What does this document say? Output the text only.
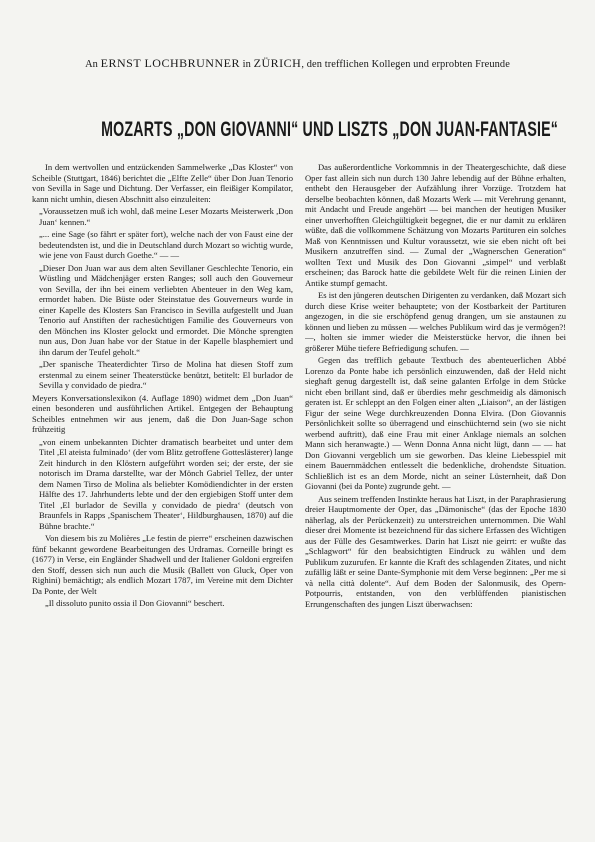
An ERNST LOCHBRUNNER in ZÜRICH, den trefflichen Kollegen und erprobten Freunde
MOZARTS „DON GIOVANNI“ UND LISZTS „DON JUAN-FANTASIE“

In dem wertvollen und entzückenden Sammelwerke „Das Kloster“ von Scheible (Stuttgart, 1846) berichtet die „Elfte Zelle“ über Don Juan Tenorio von Sevilla in Sage und Dichtung. Der Verfasser, ein fleißiger Kompilator, kann nicht umhin, diesen Abschnitt also einzuleiten:

„Voraussetzen muß ich wohl, daß meine Leser Mozarts Meisterwerk ,Don Juan‘ kennen.“

„... eine Sage (so fährt er später fort), welche nach der von Faust eine der bedeutendsten ist, und die in Deutschland durch Mozart so wichtig wurde, wie jene von Faust durch Goethe.“ — —

„Dieser Don Juan war aus dem alten Sevillaner Geschlechte Tenorio, ein Wüstling und Mädchenjäger ersten Ranges; soll auch den Gouverneur von Sevilla, der ihn bei einem verliebten Abenteuer in den Weg kam, ermordet haben. Die Büste oder Steinstatue des Gouverneurs wurde in einer Kapelle des Klosters San Francisco in Sevilla aufgestellt und Juan Tenorio auf Anstiften der rachesüchtigen Familie des Gouverneurs von den Mönchen ins Kloster gelockt und ermordet. Die Mönche sprengten nun aus, Don Juan habe vor der Statue in der Kapelle blasphemiert und ihn darum der Teufel geholt.“

„Der spanische Theaterdichter Tirso de Molina hat diesen Stoff zum erstenmal zu einem seiner Theaterstücke benützt, betitelt: El burlador de Sevilla y convidado de piedra.“

Meyers Konversationslexikon (4. Auflage 1890) widmet dem „Don Juan“ einen besonderen und ausführlichen Artikel. Entgegen der Behauptung Scheibles entnehmen wir aus jenem, daß die Don Juan-Sage schon frühzeitig

„von einem unbekannten Dichter dramatisch bearbeitet und unter dem Titel ,El ateista fulminado‘ (der vom Blitz getroffene Gotteslästerer) lange Zeit hindurch in den Klöstern aufgeführt worden sei; der erste, der sie notorisch im Drama darstellte, war der Mönch Gabriel Tellez, der unter dem Namen Tirso de Molina als beliebter Komödiendichter in der ersten Hälfte des 17. Jahrhunderts lebte und der den ergiebigen Stoff unter dem Titel ,El burlador de Sevilla y convidado de piedra‘ (deutsch von Braunfels in Rapps ,Spanischem Theater‘, Hildburghausen, 1870) auf die Bühne brachte.“

Von diesem bis zu Molières „Le festin de pierre“ erscheinen dazwischen fünf bekannt gewordene Bearbeitungen des Urdramas. Corneille bringt es (1677) in Verse, ein Engländer Shadwell und der Italiener Goldoni ergreifen den Stoff, dessen sich nun auch die Musik (Ballett von Gluck, Oper von Righini) bemächtigt; als endlich Mozart 1787, im Vereine mit dem Dichter Da Ponte, der Welt

„Il dissoluto punito ossia il Don Giovanni“ beschert.

Das außerordentliche Vorkommnis in der Theatergeschichte, daß diese Oper fast allein sich nun durch 130 Jahre lebendig auf der Bühne erhalten, enthebt den Herausgeber der Aufzählung ihrer Vorzüge. Trotzdem hat derselbe beobachten können, daß Mozarts Werk — mit Verehrung genannt, mit Andacht und Freude angehört — bei manchen der heutigen Musiker einer unverhofften Gleichgültigkeit begegnet, die er nur damit zu erklären wüßte, daß die vollkommene Schätzung von Mozarts Partituren ein solches Maß von Kenntnissen und Kultur voraussetzt, wie sie eben nicht oft bei Musikern anzutreffen sind. — Zumal der „Wagnerschen Generation“ wollten Text und Musik des Don Giovanni „simpel“ und verblaßt erscheinen; das Barock hatte die gebildete Welt für die reinen Linien der Antike stumpf gemacht.

Es ist den jüngeren deutschen Dirigenten zu verdanken, daß Mozart sich durch diese Krise weiter behauptete; von der Kostbarkeit der Partituren angezogen, in die sie erschöpfend genug drangen, um sie anstaunen zu können und lieben zu müssen — welches Publikum wird das je vermögen?! —, holten sie immer wieder die Meisterstücke hervor, die ihnen bei größerer Mühe tiefere Befriedigung schufen. —

Gegen das trefflich gebaute Textbuch des abenteuerlichen Abbé Lorenzo da Ponte habe ich persönlich einzuwenden, daß der Held nicht sieghaft genug dargestellt ist, daß seine galanten Erfolge in dem Stücke nicht eben brillant sind, daß er überdies mehr geschmeidig als dämonisch geraten ist. Er schleppt an den Folgen einer alten „Liaison“, an der lästigen Figur der seine Wege durchkreuzenden Donna Elvira. (Don Giovannis Persönlichkeit sollte so überragend und einschüchternd sein (wo sie nicht werbend auftritt), daß eine Frau mit einer Anklage niemals an solchen Mann sich heranwagte.) — Wenn Donna Anna nicht lügt, dann — — hat Don Giovanni vergeblich um sie geworben. Das kleine Liebesspiel mit einem Bauernmädchen entlesselt die bedenkliche, drohendste Situation. Schließlich ist es an dem Morde, nicht an seiner Lüsternheit, daß Don Giovanni (bei da Ponte) zugrunde geht. —

Aus seinem treffenden Instinkte heraus hat Liszt, in der Paraphrasierung dreier Hauptmomente der Oper, das „Dämonische“ (das der Epoche 1830 näherlag, als der Perückenzeit) zu unterstreichen unternommen. Die Wahl dieser drei Momente ist bezeichnend für das sichere Erfassen des Wichtigen aus der Fülle des Gesamtwerkes. Darin hat Liszt nie geirrt: er wußte das „Schlagwort“ für den beabsichtigten Eindruck zu wählen und dem Publikum zuzurufen. Er kannte die Kraft des schlagenden Zitates, und nicht zufällig läßt er seine Dante-Symphonie mit dem Verse beginnen: „Per me si và nella città dolente“. Auf dem Boden der Salonmusik, des Opern-Potpourris, entstanden, von den verblüffenden pianistischen Errungenschaften des jungen Liszt überwachsen:
